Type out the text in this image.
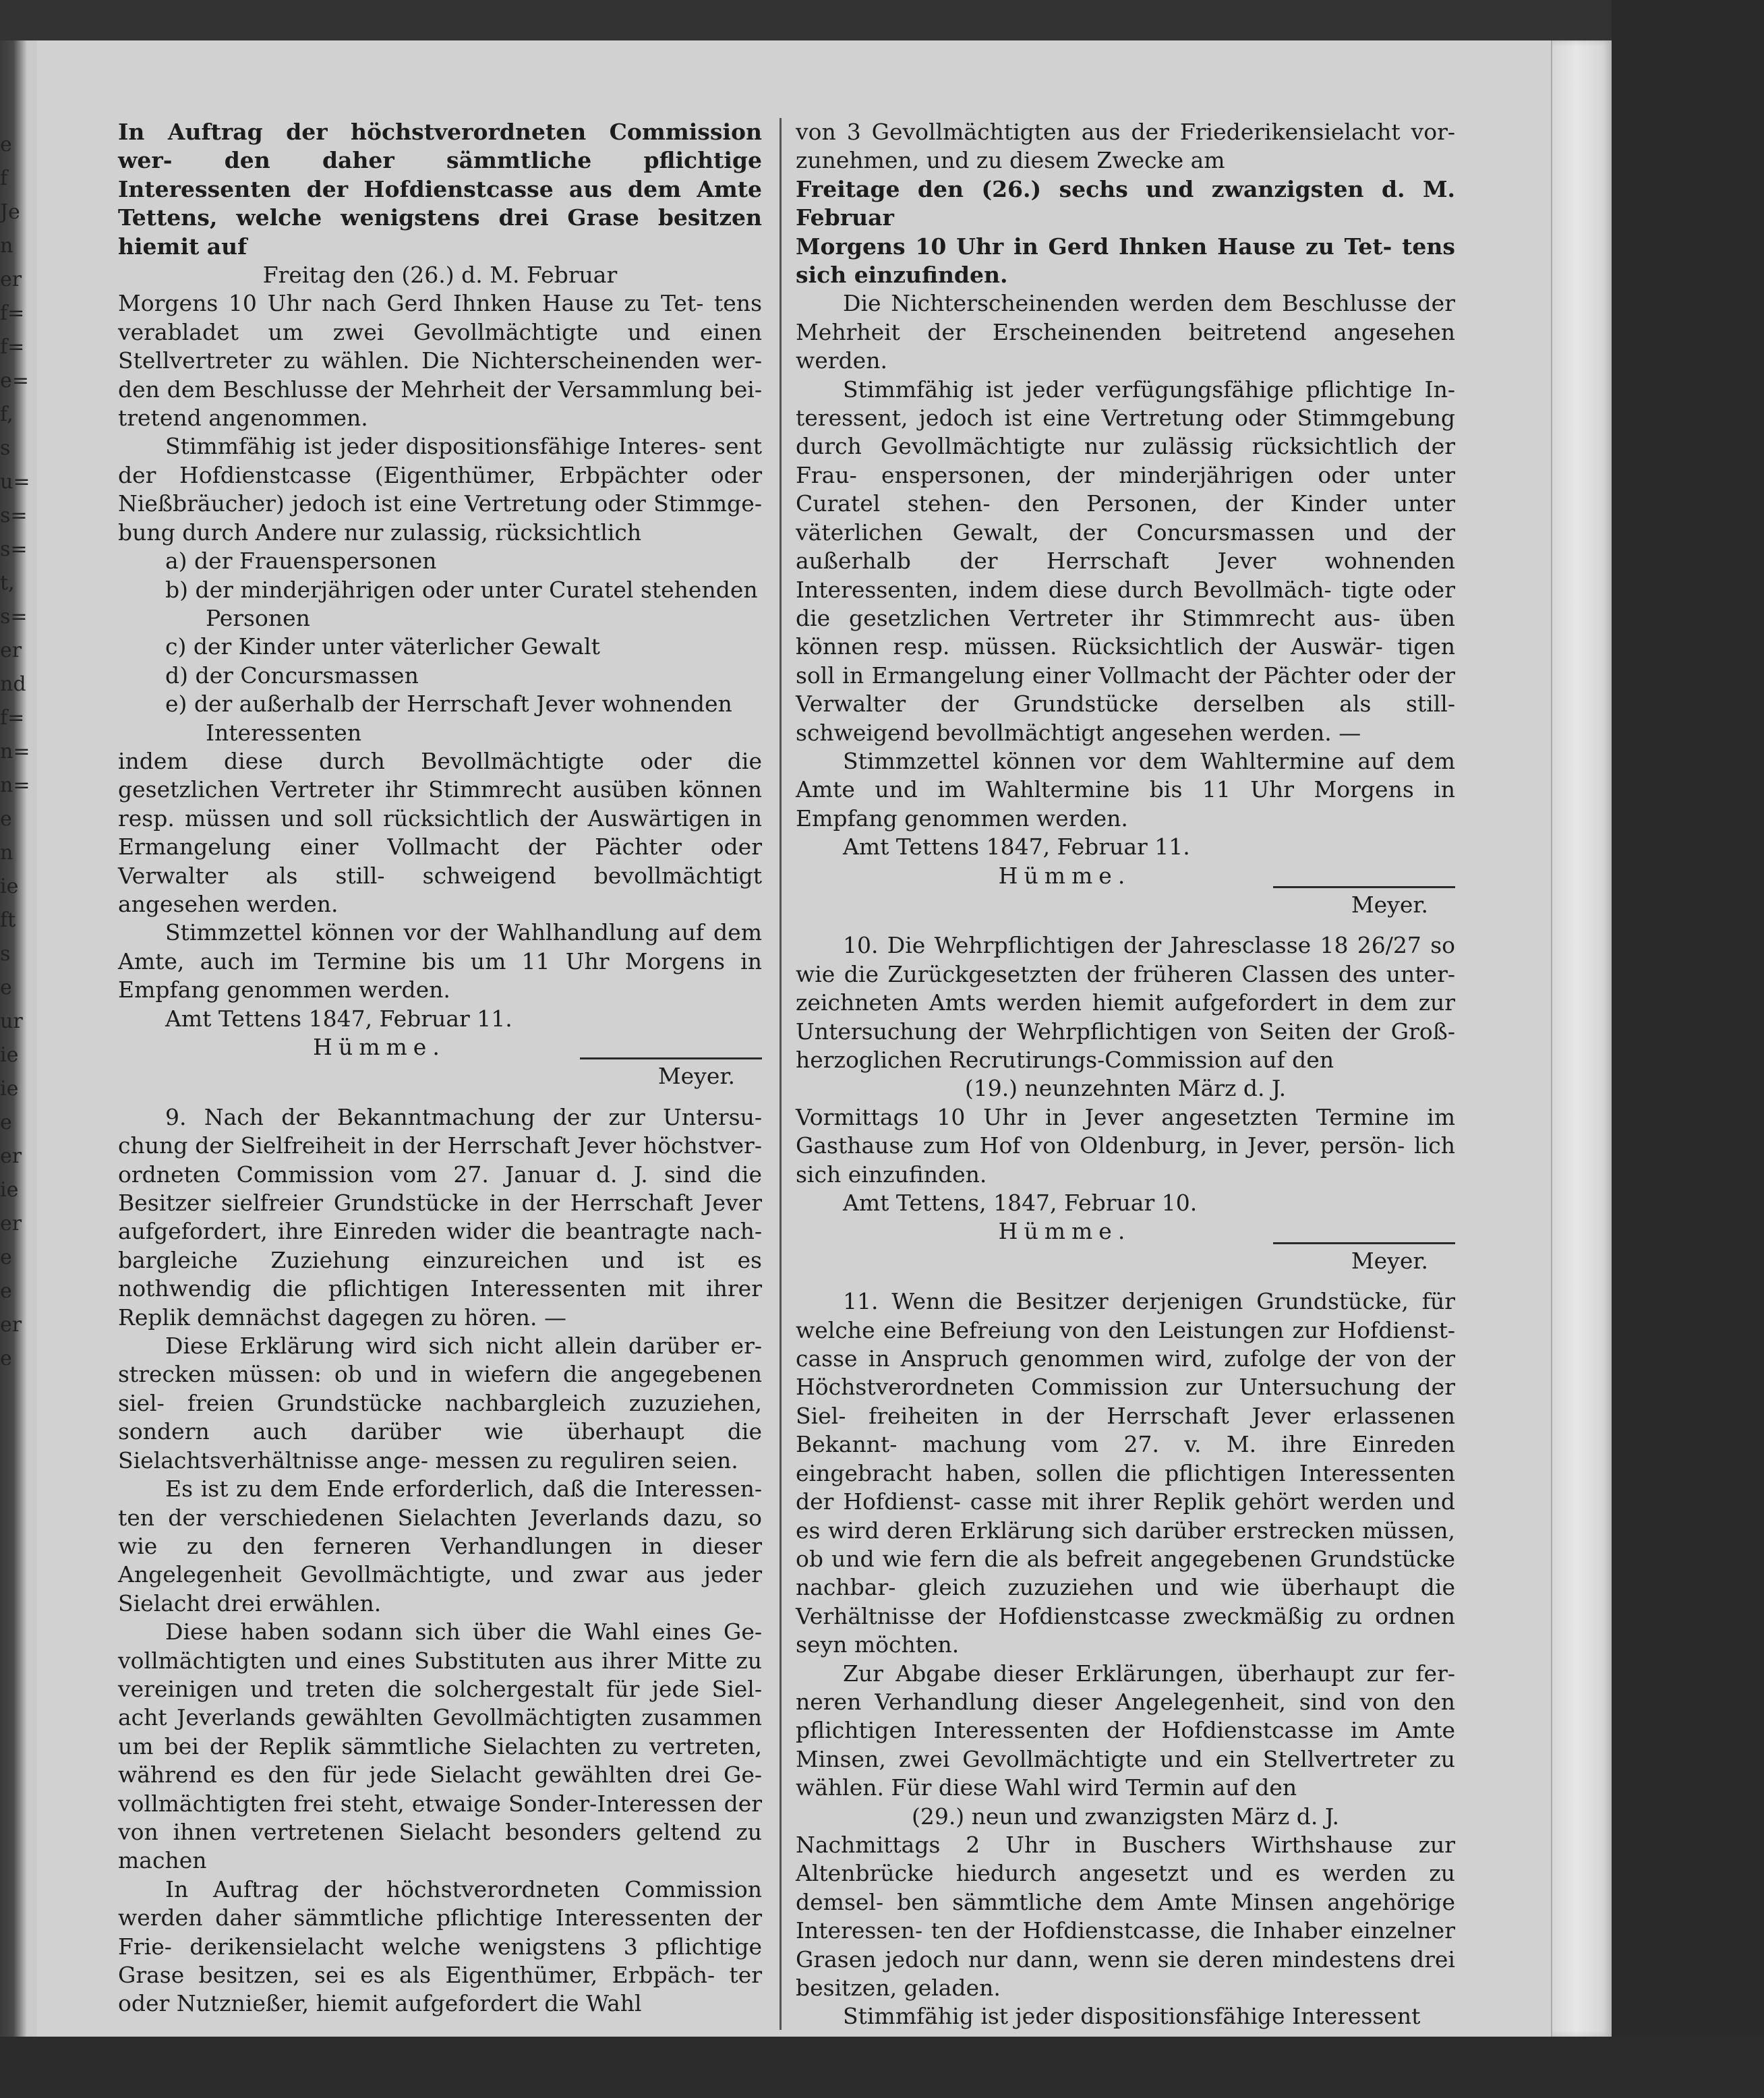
e
f
Je
n
er
f=
f=
e=
f,
s
u=
s=
s=
t,
s=
er
nd
f=
n=
n=
e
n
ie
ft
s
e
ur
ie
ie
e
er
ie
er
e
e
er
e

In Auftrag der höchstverordneten Commission wer- den daher sämmtliche pflichtige Interessenten der Hofdienstcasse aus dem Amte Tettens, welche wenigstens drei Grase besitzen hiemit auf

Freitag den (26.) d. M. Februar

Morgens 10 Uhr nach Gerd Ihnken Hause zu Tet- tens verabladet um zwei Gevollmächtigte und einen Stellvertreter zu wählen. Die Nichterscheinenden wer- den dem Beschlusse der Mehrheit der Versammlung bei- tretend angenommen.

Stimmfähig ist jeder dispositionsfähige Interes- sent der Hofdienstcasse (Eigenthümer, Erbpächter oder Nießbräucher) jedoch ist eine Vertretung oder Stimmge- bung durch Andere nur zulassig, rücksichtlich

a) der Frauenspersonen

b) der minderjährigen oder unter Curatel stehenden

Personen

c) der Kinder unter väterlicher Gewalt

d) der Concursmassen

e) der außerhalb der Herrschaft Jever wohnenden

Interessenten

indem diese durch Bevollmächtigte oder die gesetzlichen Vertreter ihr Stimmrecht ausüben können resp. müssen und soll rücksichtlich der Auswärtigen in Ermangelung einer Vollmacht der Pächter oder Verwalter als still- schweigend bevollmächtigt angesehen werden.

Stimmzettel können vor der Wahlhandlung auf dem Amte, auch im Termine bis um 11 Uhr Morgens in Empfang genommen werden.

Amt Tettens 1847, Februar 11.

Hümme.

Meyer.

9. Nach der Bekanntmachung der zur Untersu- chung der Sielfreiheit in der Herrschaft Jever höchstver- ordneten Commission vom 27. Januar d. J. sind die Besitzer sielfreier Grundstücke in der Herrschaft Jever aufgefordert, ihre Einreden wider die beantragte nach- bargleiche Zuziehung einzureichen und ist es nothwendig die pflichtigen Interessenten mit ihrer Replik demnächst dagegen zu hören. —

Diese Erklärung wird sich nicht allein darüber er- strecken müssen: ob und in wiefern die angegebenen siel- freien Grundstücke nachbargleich zuzuziehen, sondern auch darüber wie überhaupt die Sielachtsverhältnisse ange- messen zu reguliren seien.

Es ist zu dem Ende erforderlich, daß die Interessen- ten der verschiedenen Sielachten Jeverlands dazu, so wie zu den ferneren Verhandlungen in dieser Angelegenheit Gevollmächtigte, und zwar aus jeder Sielacht drei erwählen.

Diese haben sodann sich über die Wahl eines Ge- vollmächtigten und eines Substituten aus ihrer Mitte zu vereinigen und treten die solchergestalt für jede Siel- acht Jeverlands gewählten Gevollmächtigten zusammen um bei der Replik sämmtliche Sielachten zu vertreten, während es den für jede Sielacht gewählten drei Ge- vollmächtigten frei steht, etwaige Sonder-Interessen der von ihnen vertretenen Sielacht besonders geltend zu machen

In Auftrag der höchstverordneten Commission werden daher sämmtliche pflichtige Interessenten der Frie- derikensielacht welche wenigstens 3 pflichtige Grase besitzen, sei es als Eigenthümer, Erbpäch- ter oder Nutznießer, hiemit aufgefordert die Wahl

von 3 Gevollmächtigten aus der Friederikensielacht vor- zunehmen, und zu diesem Zwecke am

Freitage den (26.) sechs und zwanzigsten d. M. Februar

Morgens 10 Uhr in Gerd Ihnken Hause zu Tet- tens sich einzufinden.

Die Nichterscheinenden werden dem Beschlusse der Mehrheit der Erscheinenden beitretend angesehen werden.

Stimmfähig ist jeder verfügungsfähige pflichtige In- teressent, jedoch ist eine Vertretung oder Stimmgebung durch Gevollmächtigte nur zulässig rücksichtlich der Frau- enspersonen, der minderjährigen oder unter Curatel stehen- den Personen, der Kinder unter väterlichen Gewalt, der Concursmassen und der außerhalb der Herrschaft Jever wohnenden Interessenten, indem diese durch Bevollmäch- tigte oder die gesetzlichen Vertreter ihr Stimmrecht aus- üben können resp. müssen. Rücksichtlich der Auswär- tigen soll in Ermangelung einer Vollmacht der Pächter oder der Verwalter der Grundstücke derselben als still- schweigend bevollmächtigt angesehen werden. —

Stimmzettel können vor dem Wahltermine auf dem Amte und im Wahltermine bis 11 Uhr Morgens in Empfang genommen werden.

Amt Tettens 1847, Februar 11.

Hümme.

Meyer.

10. Die Wehrpflichtigen der Jahresclasse 18 26/27 so wie die Zurückgesetzten der früheren Classen des unter- zeichneten Amts werden hiemit aufgefordert in dem zur Untersuchung der Wehrpflichtigen von Seiten der Groß- herzoglichen Recrutirungs-Commission auf den

(19.) neunzehnten März d. J.

Vormittags 10 Uhr in Jever angesetzten Termine im Gasthause zum Hof von Oldenburg, in Jever, persön- lich sich einzufinden.

Amt Tettens, 1847, Februar 10.

Hümme.

Meyer.

11. Wenn die Besitzer derjenigen Grundstücke, für welche eine Befreiung von den Leistungen zur Hofdienst- casse in Anspruch genommen wird, zufolge der von der Höchstverordneten Commission zur Untersuchung der Siel- freiheiten in der Herrschaft Jever erlassenen Bekannt- machung vom 27. v. M. ihre Einreden eingebracht haben, sollen die pflichtigen Interessenten der Hofdienst- casse mit ihrer Replik gehört werden und es wird deren Erklärung sich darüber erstrecken müssen, ob und wie fern die als befreit angegebenen Grundstücke nachbar- gleich zuzuziehen und wie überhaupt die Verhältnisse der Hofdienstcasse zweckmäßig zu ordnen seyn möchten.

Zur Abgabe dieser Erklärungen, überhaupt zur fer- neren Verhandlung dieser Angelegenheit, sind von den pflichtigen Interessenten der Hofdienstcasse im Amte Minsen, zwei Gevollmächtigte und ein Stellvertreter zu wählen. Für diese Wahl wird Termin auf den

(29.) neun und zwanzigsten März d. J.

Nachmittags 2 Uhr in Buschers Wirthshause zur Altenbrücke hiedurch angesetzt und es werden zu demsel- ben sämmtliche dem Amte Minsen angehörige Interessen- ten der Hofdienstcasse, die Inhaber einzelner Grasen jedoch nur dann, wenn sie deren mindestens drei besitzen, geladen.

Stimmfähig ist jeder dispositionsfähige Interessent
